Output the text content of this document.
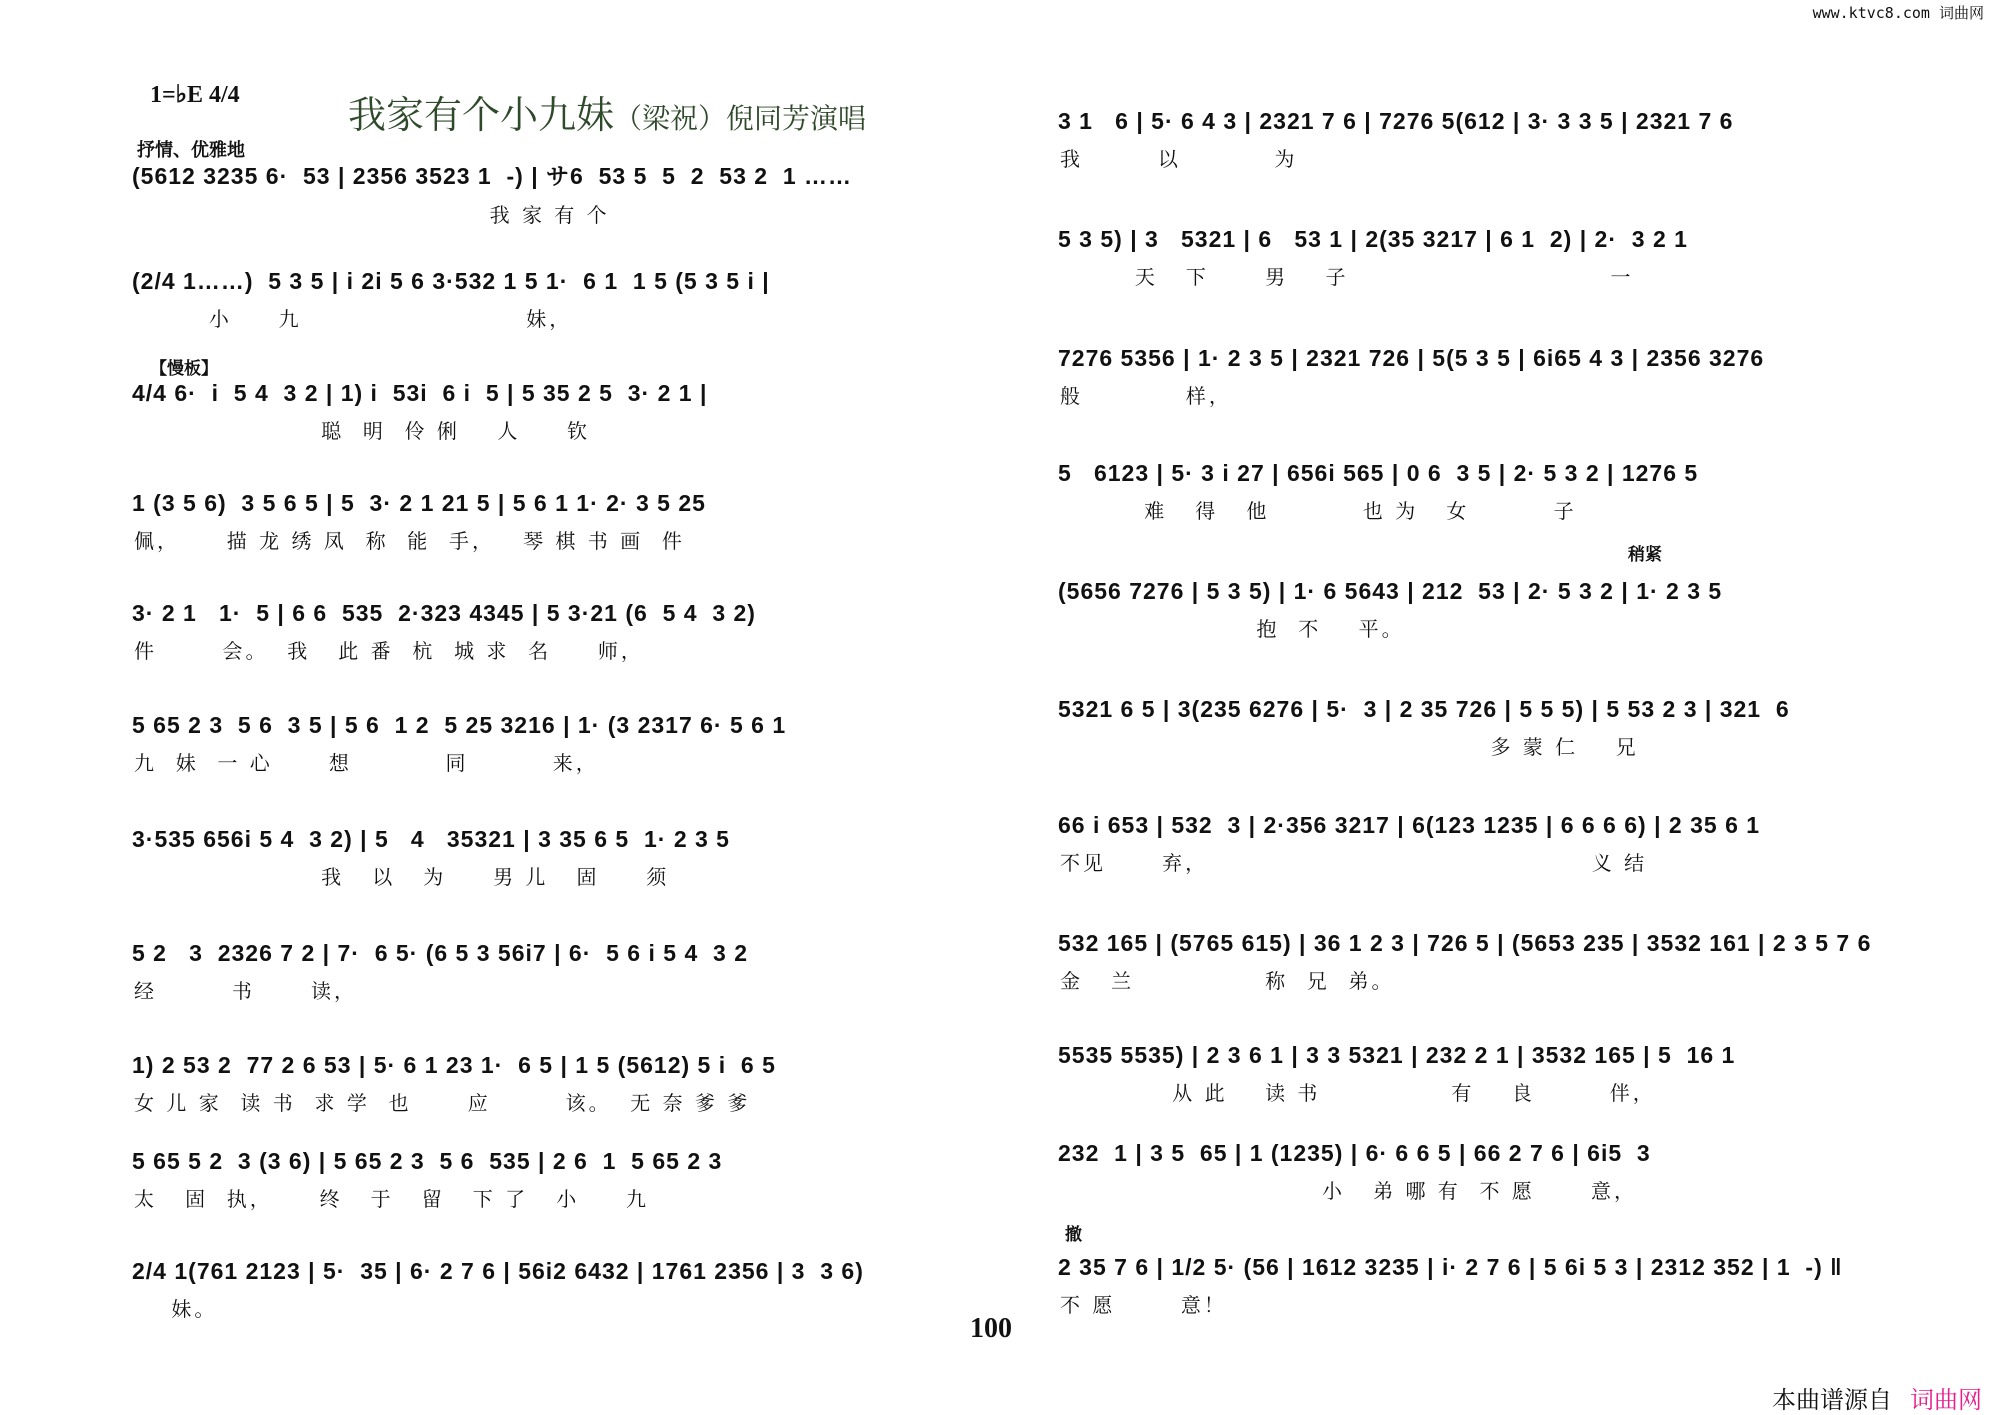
1=♭E 4/4	我家有个小九妹（梁祝）倪同芳演唱
抒情、优雅地
【慢板】
稍紧
撤
(5612 3235 6·  53 | 2356 3523 1  -) | サ6  53 5  5  2  53 2  1 ……
我 家 有 个
(2/4 1……)  5 3 5 | i 2i 5 6 3·532 1 5 1·  6 1  1 5 (5 3 5 i |
小     九                        妹，
4/4 6·  i  5 4  3 2 | 1) i  53i  6 i  5 | 5 35 2 5  3· 2 1 |
聪  明  伶 俐    人     钦
1 (3 5 6)  3 5 6 5 | 5  3· 2 1 21 5 | 5 6 1 1· 2· 3 5 25
佩，     描 龙 绣 凤  称  能  手，   琴 棋 书 画  件
3· 2 1   1·  5 | 6 6  535  2·323 4345 | 5 3·21 (6  5 4  3 2)
件       会。  我   此 番  杭  城 求  名     师，
5 65 2 3  5 6  3 5 | 5 6  1 2  5 25 3216 | 1· (3 2317 6· 5 6 1
九  妹  一 心      想          同         来，
3·535 656i 5 4  3 2) | 5   4   35321 | 3 35 6 5  1· 2 3 5
我   以   为     男 儿   固     须
5 2   3  2326 7 2 | 7·  6 5· (6 5 3 56i7 | 6·  5 6 i 5 4  3 2
经        书      读，
1) 2 53 2  77 2 6 53 | 5· 6 1 23 1·  6 5 | 1 5 (5612) 5 i  6 5
女 儿 家  读 书  求 学  也      应        该。  无 奈 爹 爹
5 65 5 2  3 (3 6) | 5 65 2 3  5 6  535 | 2 6  1  5 65 2 3
太   固  执，     终   于   留   下 了   小     九
2/4 1(761 2123 | 5·  35 | 6· 2 7 6 | 56i2 6432 | 1761 2356 | 3  3 6)
妹。
3 1   6 | 5· 6 4 3 | 2321 7 6 | 7276 5(612 | 3· 3 3 5 | 2321 7 6
我        以          为
5 3 5) | 3   5321 | 6   53 1 | 2(35 3217 | 6 1  2) | 2·  3 2 1
天   下      男    子                            一
7276 5356 | 1· 2 3 5 | 2321 726 | 5(5 3 5 | 6i65 4 3 | 2356 3276
般           样，
5   6123 | 5· 3 i 27 | 656i 565 | 0 6  3 5 | 2· 5 3 2 | 1276 5
难   得   他          也 为   女         子
(5656 7276 | 5 3 5) | 1· 6 5643 | 212  53 | 2· 5 3 2 | 1· 2 3 5
抱  不    平。
5321 6 5 | 3(235 6276 | 5·  3 | 2 35 726 | 5 5 5) | 5 53 2 3 | 321  6
多 蒙 仁    兄
66 i 653 | 532  3 | 2·356 3217 | 6(123 1235 | 6 6 6 6) | 2 35 6 1
不见      弃，                                         义 结
532 165 | (5765 615) | 36 1 2 3 | 726 5 | (5653 235 | 3532 161 | 2 3 5 7 6
金   兰              称  兄  弟。
5535 5535) | 2 3 6 1 | 3 3 5321 | 232 2 1 | 3532 165 | 5  16 1
从 此    读 书              有    良        伴，
232  1 | 3 5  65 | 1 (1235) | 6· 6 6 5 | 66 2 7 6 | 6i5  3
小   弟 哪 有  不 愿      意，
2 35 7 6 | 1/2 5· (56 | 1612 3235 | i· 2 7 6 | 5 6i 5 3 | 2312 352 | 1  -) ‖
不 愿       意！
100
www.ktvc8.com 词曲网
本曲谱源自 词曲网
